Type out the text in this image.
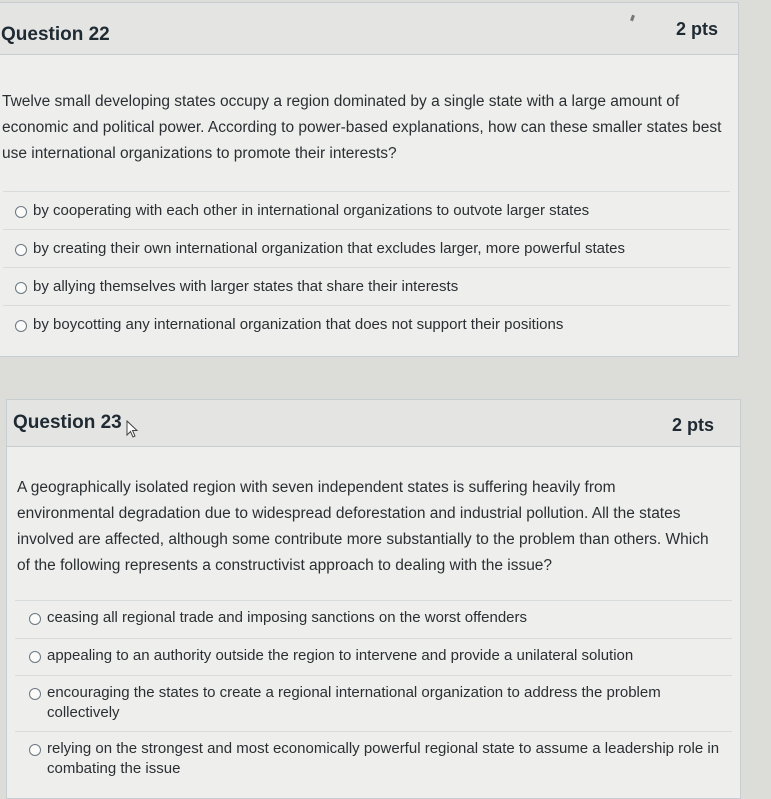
Question 22	2 pts
Twelve small developing states occupy a region dominated by a single state with a large amount of economic and political power. According to power-based explanations, how can these smaller states best use international organizations to promote their interests?
by cooperating with each other in international organizations to outvote larger states
by creating their own international organization that excludes larger, more powerful states
by allying themselves with larger states that share their interests
by boycotting any international organization that does not support their positions
Question 23	2 pts
A geographically isolated region with seven independent states is suffering heavily from environmental degradation due to widespread deforestation and industrial pollution. All the states involved are affected, although some contribute more substantially to the problem than others. Which of the following represents a constructivist approach to dealing with the issue?
ceasing all regional trade and imposing sanctions on the worst offenders
appealing to an authority outside the region to intervene and provide a unilateral solution
encouraging the states to create a regional international organization to address the problem collectively
relying on the strongest and most economically powerful regional state to assume a leadership role in combating the issue
